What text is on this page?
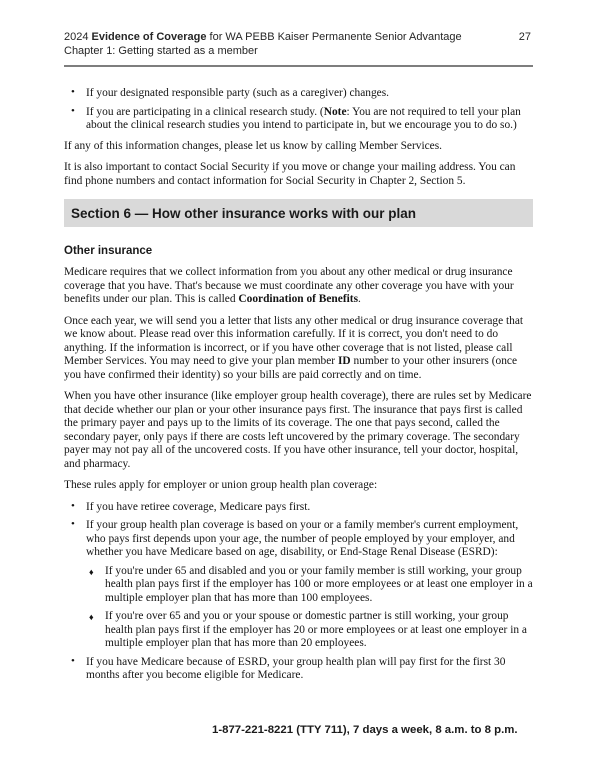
2024 Evidence of Coverage for WA PEBB Kaiser Permanente Senior Advantage	27
Chapter 1: Getting started as a member
• If your designated responsible party (such as a caregiver) changes.
• If you are participating in a clinical research study. (Note: You are not required to tell your plan about the clinical research studies you intend to participate in, but we encourage you to do so.)

If any of this information changes, please let us know by calling Member Services.

It is also important to contact Social Security if you move or change your mailing address. You can find phone numbers and contact information for Social Security in Chapter 2, Section 5.

Section 6 — How other insurance works with our plan
Other insurance

Medicare requires that we collect information from you about any other medical or drug insurance coverage that you have. That's because we must coordinate any other coverage you have with your benefits under our plan. This is called Coordination of Benefits.

Once each year, we will send you a letter that lists any other medical or drug insurance coverage that we know about. Please read over this information carefully. If it is correct, you don't need to do anything. If the information is incorrect, or if you have other coverage that is not listed, please call Member Services. You may need to give your plan member ID number to your other insurers (once you have confirmed their identity) so your bills are paid correctly and on time.

When you have other insurance (like employer group health coverage), there are rules set by Medicare that decide whether our plan or your other insurance pays first. The insurance that pays first is called the primary payer and pays up to the limits of its coverage. The one that pays second, called the secondary payer, only pays if there are costs left uncovered by the primary coverage. The secondary payer may not pay all of the uncovered costs. If you have other insurance, tell your doctor, hospital, and pharmacy.

These rules apply for employer or union group health plan coverage:

• If you have retiree coverage, Medicare pays first.
• If your group health plan coverage is based on your or a family member's current employment, who pays first depends upon your age, the number of people employed by your employer, and whether you have Medicare based on age, disability, or End-Stage Renal Disease (ESRD):
♦ If you're under 65 and disabled and you or your family member is still working, your group health plan pays first if the employer has 100 or more employees or at least one employer in a multiple employer plan that has more than 100 employees.
♦ If you're over 65 and you or your spouse or domestic partner is still working, your group health plan pays first if the employer has 20 or more employees or at least one employer in a multiple employer plan that has more than 20 employees.
• If you have Medicare because of ESRD, your group health plan will pay first for the first 30 months after you become eligible for Medicare.
1-877-221-8221 (TTY 711), 7 days a week, 8 a.m. to 8 p.m.
